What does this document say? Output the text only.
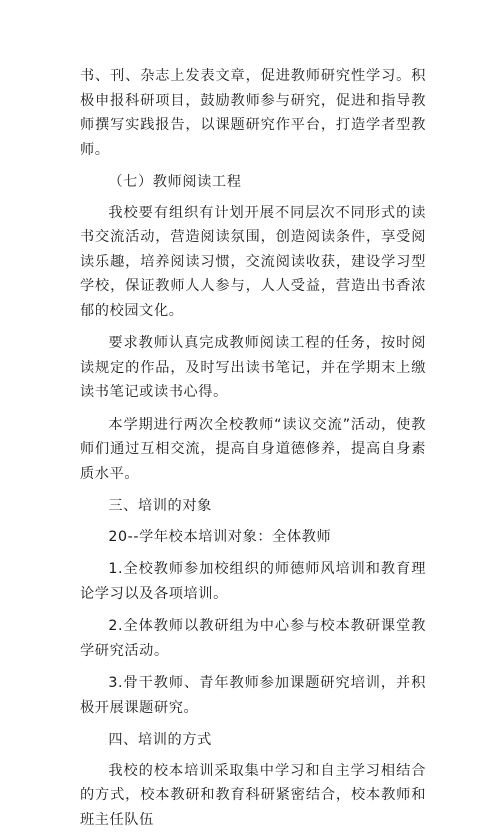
书、刊、杂志上发表文章，促进教师研究性学习。积极申报科研项目，鼓励教师参与研究，促进和指导教师撰写实践报告，以课题研究作平台，打造学者型教师。

（七）教师阅读工程

我校要有组织有计划开展不同层次不同形式的读书交流活动，营造阅读氛围，创造阅读条件，享受阅读乐趣，培养阅读习惯，交流阅读收获，建设学习型学校，保证教师人人参与，人人受益，营造出书香浓郁的校园文化。

要求教师认真完成教师阅读工程的任务，按时阅读规定的作品，及时写出读书笔记，并在学期末上缴读书笔记或读书心得。

本学期进行两次全校教师“读议交流”活动，使教师们通过互相交流，提高自身道德修养，提高自身素质水平。

三、培训的对象

20--学年校本培训对象：全体教师

1.全校教师参加校组织的师德师风培训和教育理论学习以及各项培训。

2.全体教师以教研组为中心参与校本教研课堂教学研究活动。

3.骨干教师、青年教师参加课题研究培训，并积极开展课题研究。

四、培训的方式

我校的校本培训采取集中学习和自主学习相结合的方式，校本教研和教育科研紧密结合，校本教师和班主任队伍
